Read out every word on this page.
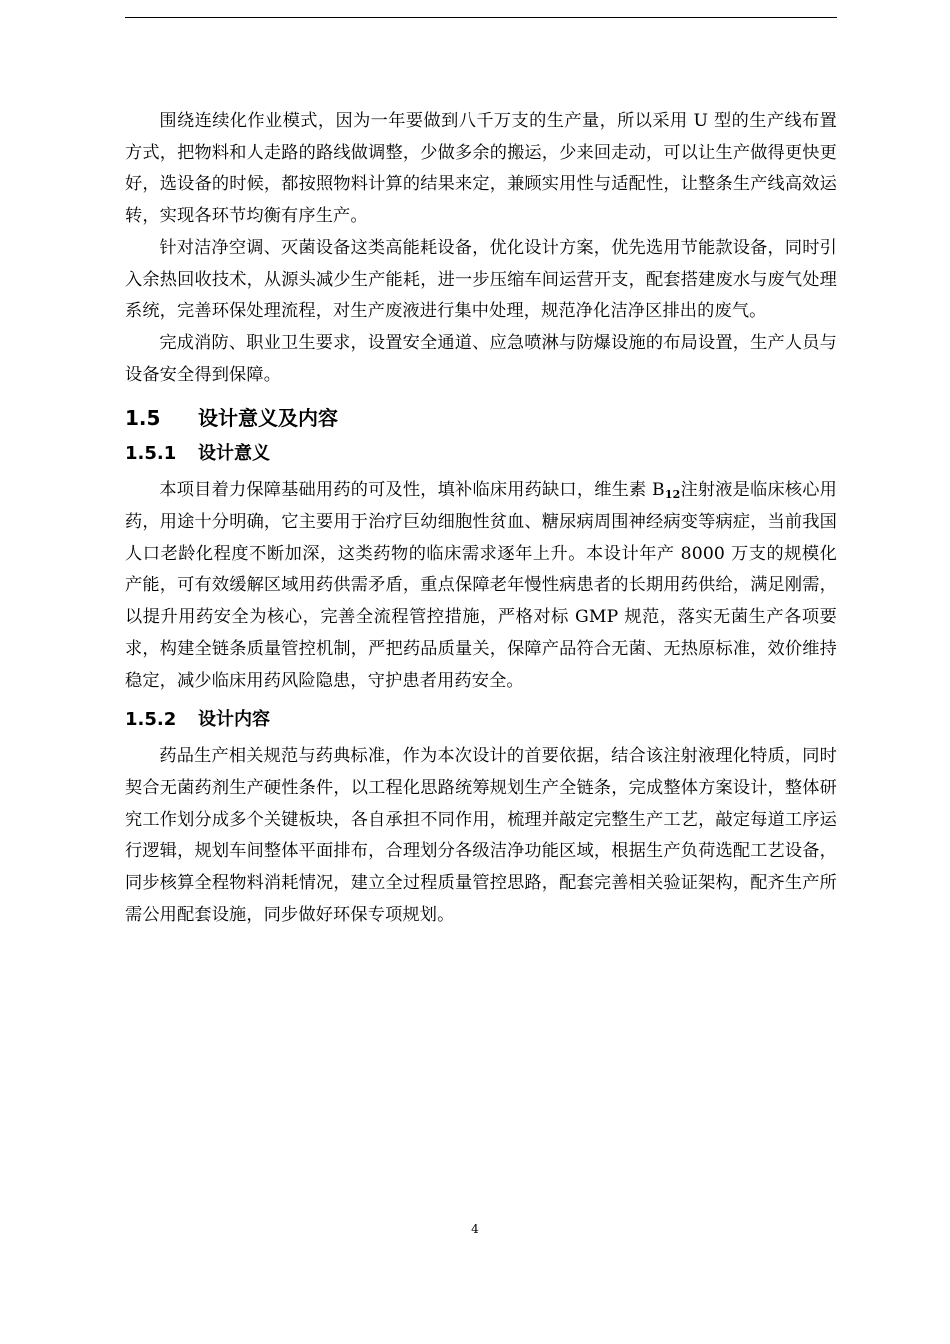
围绕连续化作业模式，因为一年要做到八千万支的生产量，所以采用 U 型的生产线布置方式，把物料和人走路的路线做调整，少做多余的搬运，少来回走动，可以让生产做得更快更好，选设备的时候，都按照物料计算的结果来定，兼顾实用性与适配性，让整条生产线高效运转，实现各环节均衡有序生产。

针对洁净空调、灭菌设备这类高能耗设备，优化设计方案，优先选用节能款设备，同时引入余热回收技术，从源头减少生产能耗，进一步压缩车间运营开支，配套搭建废水与废气处理系统，完善环保处理流程，对生产废液进行集中处理，规范净化洁净区排出的废气。

完成消防、职业卫生要求，设置安全通道、应急喷淋与防爆设施的布局设置，生产人员与设备安全得到保障。

1.5 设计意义及内容
1.5.1 设计意义

本项目着力保障基础用药的可及性，填补临床用药缺口，维生素 $B_{12}$注射液是临床核心用药，用途十分明确，它主要用于治疗巨幼细胞性贫血、糖尿病周围神经病变等病症，当前我国人口老龄化程度不断加深，这类药物的临床需求逐年上升。本设计年产 8000 万支的规模化产能，可有效缓解区域用药供需矛盾，重点保障老年慢性病患者的长期用药供给，满足刚需，以提升用药安全为核心，完善全流程管控措施，严格对标 GMP 规范，落实无菌生产各项要求，构建全链条质量管控机制，严把药品质量关，保障产品符合无菌、无热原标准，效价维持稳定，减少临床用药风险隐患，守护患者用药安全。

1.5.2 设计内容

药品生产相关规范与药典标准，作为本次设计的首要依据，结合该注射液理化特质，同时契合无菌药剂生产硬性条件，以工程化思路统筹规划生产全链条，完成整体方案设计，整体研究工作划分成多个关键板块，各自承担不同作用，梳理并敲定完整生产工艺，敲定每道工序运行逻辑，规划车间整体平面排布，合理划分各级洁净功能区域，根据生产负荷选配工艺设备，同步核算全程物料消耗情况，建立全过程质量管控思路，配套完善相关验证架构，配齐生产所需公用配套设施，同步做好环保专项规划。

4
